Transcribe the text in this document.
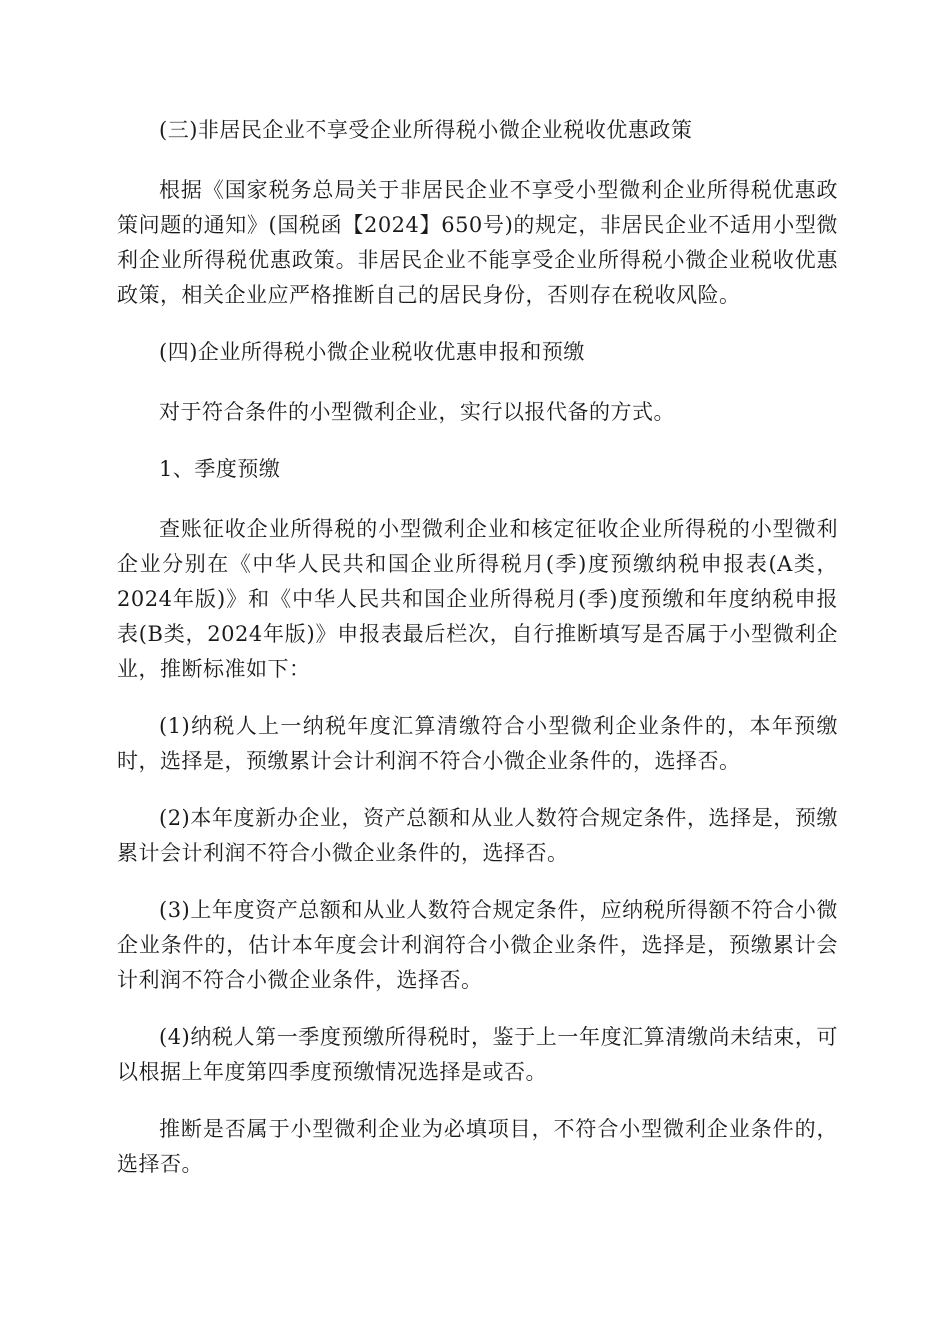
(三)非居民企业不享受企业所得税小微企业税收优惠政策

根据《国家税务总局关于非居民企业不享受小型微利企业所得税优惠政策问题的通知》(国税函【2024】650号)的规定，非居民企业不适用小型微利企业所得税优惠政策。非居民企业不能享受企业所得税小微企业税收优惠政策，相关企业应严格推断自己的居民身份，否则存在税收风险。

(四)企业所得税小微企业税收优惠申报和预缴

对于符合条件的小型微利企业，实行以报代备的方式。

1、季度预缴

查账征收企业所得税的小型微利企业和核定征收企业所得税的小型微利企业分别在《中华人民共和国企业所得税月(季)度预缴纳税申报表(A类，2024年版)》和《中华人民共和国企业所得税月(季)度预缴和年度纳税申报表(B类，2024年版)》申报表最后栏次，自行推断填写是否属于小型微利企业，推断标准如下：

(1)纳税人上一纳税年度汇算清缴符合小型微利企业条件的，本年预缴时，选择是，预缴累计会计利润不符合小微企业条件的，选择否。

(2)本年度新办企业，资产总额和从业人数符合规定条件，选择是，预缴累计会计利润不符合小微企业条件的，选择否。

(3)上年度资产总额和从业人数符合规定条件，应纳税所得额不符合小微企业条件的，估计本年度会计利润符合小微企业条件，选择是，预缴累计会计利润不符合小微企业条件，选择否。

(4)纳税人第一季度预缴所得税时，鉴于上一年度汇算清缴尚未结束，可以根据上年度第四季度预缴情况选择是或否。

推断是否属于小型微利企业为必填项目，不符合小型微利企业条件的，选择否。
